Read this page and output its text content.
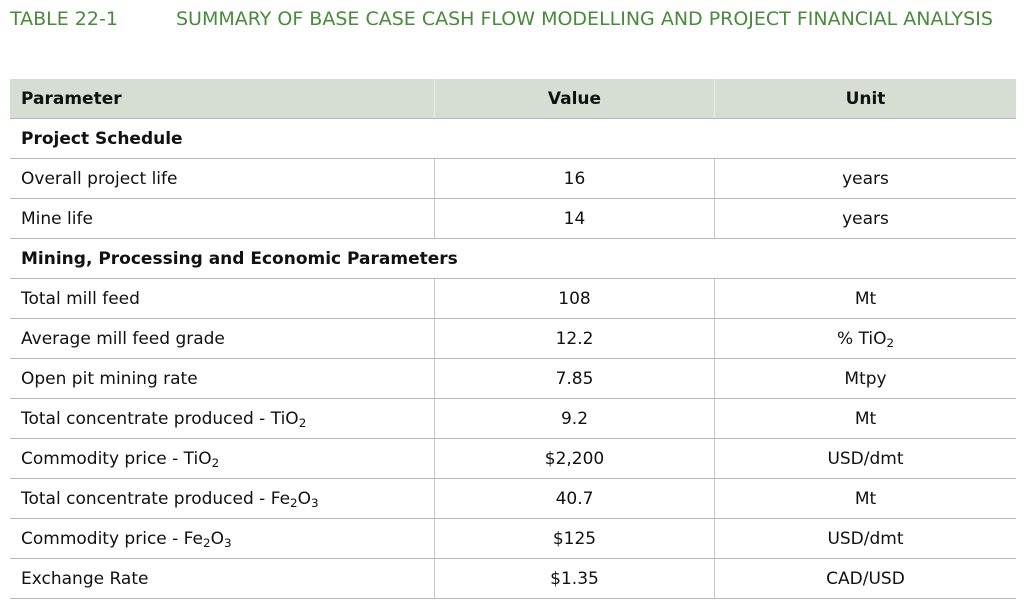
TABLE 22-1	SUMMARY OF BASE CASE CASH FLOW MODELLING AND PROJECT FINANCIAL ANALYSIS
Parameter	Value	Unit
Project Schedule		
Overall project life	16	years
Mine life	14	years
Mining, Processing and Economic Parameters		
Total mill feed	108	Mt
Average mill feed grade	12.2	% TiO$_2$
Open pit mining rate	7.85	Mtpy
Total concentrate produced - TiO$_2$	9.2	Mt
Commodity price - TiO$_2$	$2,200	USD/dmt
Total concentrate produced - $Fe_2O_3$	40.7	Mt
Commodity price - $Fe_2O_3$	$125	USD/dmt
Exchange Rate	$1.35	CAD/USD
